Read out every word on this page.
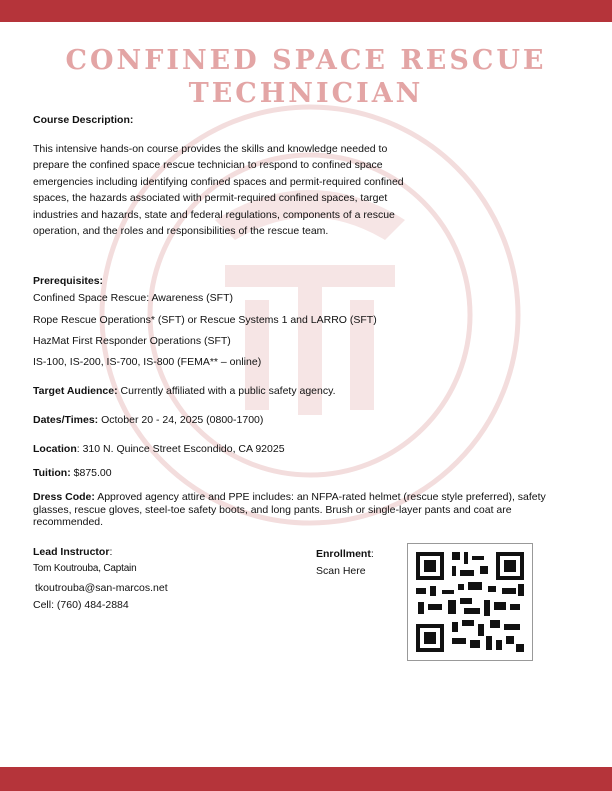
CONFINED SPACE RESCUE
TECHNICIAN

Course Description:

This intensive hands-on course provides the skills and knowledge needed to prepare the confined space rescue technician to respond to confined space emergencies including identifying confined spaces and permit-required confined spaces, the hazards associated with permit-required confined spaces, target industries and hazards, state and federal regulations, components of a rescue operation, and the roles and responsibilities of the rescue team.

Prerequisites:

Confined Space Rescue: Awareness (SFT)

Rope Rescue Operations* (SFT) or Rescue Systems 1 and LARRO (SFT)

HazMat First Responder Operations (SFT)

IS-100, IS-200, IS-700, IS-800 (FEMA** – online)

Target Audience: Currently affiliated with a public safety agency.

Dates/Times: October 20 - 24, 2025 (0800-1700)

Location: 310 N. Quince Street Escondido, CA 92025

Tuition: $875.00

Dress Code: Approved agency attire and PPE includes: an NFPA-rated helmet (rescue style preferred), safety glasses, rescue gloves, steel-toe safety boots, and long pants. Brush or single-layer pants and coat are recommended.

Lead Instructor:

Tom Koutrouba, Captain

tkoutrouba@san-marcos.net

Cell: (760) 484-2884

Enrollment:

Scan Here
